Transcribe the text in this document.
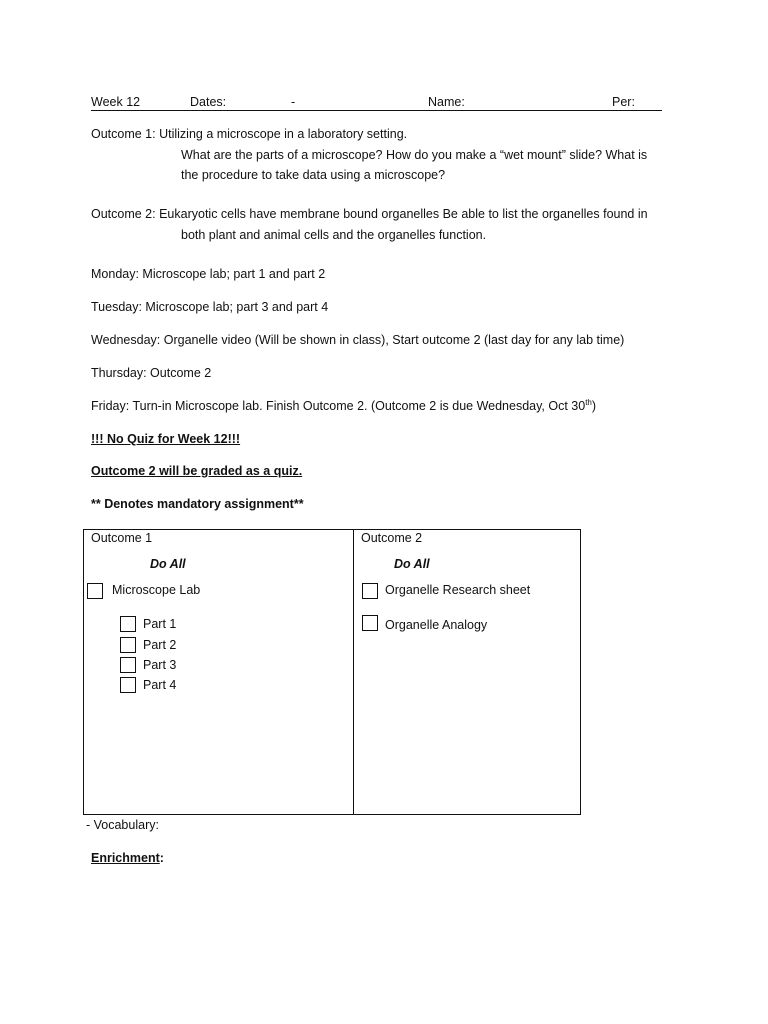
Week 12	Dates:	-	Name:	Per:
Outcome 1: Utilizing a microscope in a laboratory setting.
What are the parts of a microscope? How do you make a “wet mount” slide? What is
the procedure to take data using a microscope?
Outcome 2: Eukaryotic cells have membrane bound organelles Be able to list the organelles found in
both plant and animal cells and the organelles function.
Monday: Microscope lab; part 1 and part 2
Tuesday: Microscope lab; part 3 and part 4
Wednesday: Organelle video (Will be shown in class), Start outcome 2 (last day for any lab time)
Thursday: Outcome 2
Friday: Turn-in Microscope lab. Finish Outcome 2. (Outcome 2 is due Wednesday, Oct 30th)
!!! No Quiz for Week 12!!!
Outcome 2 will be graded as a quiz.
** Denotes mandatory assignment**
Outcome 1
Do All
Microscope Lab
Part 1
Part 2
Part 3
Part 4
Outcome 2
Do All
Organelle Research sheet
Organelle Analogy
- Vocabulary:
Enrichment:
